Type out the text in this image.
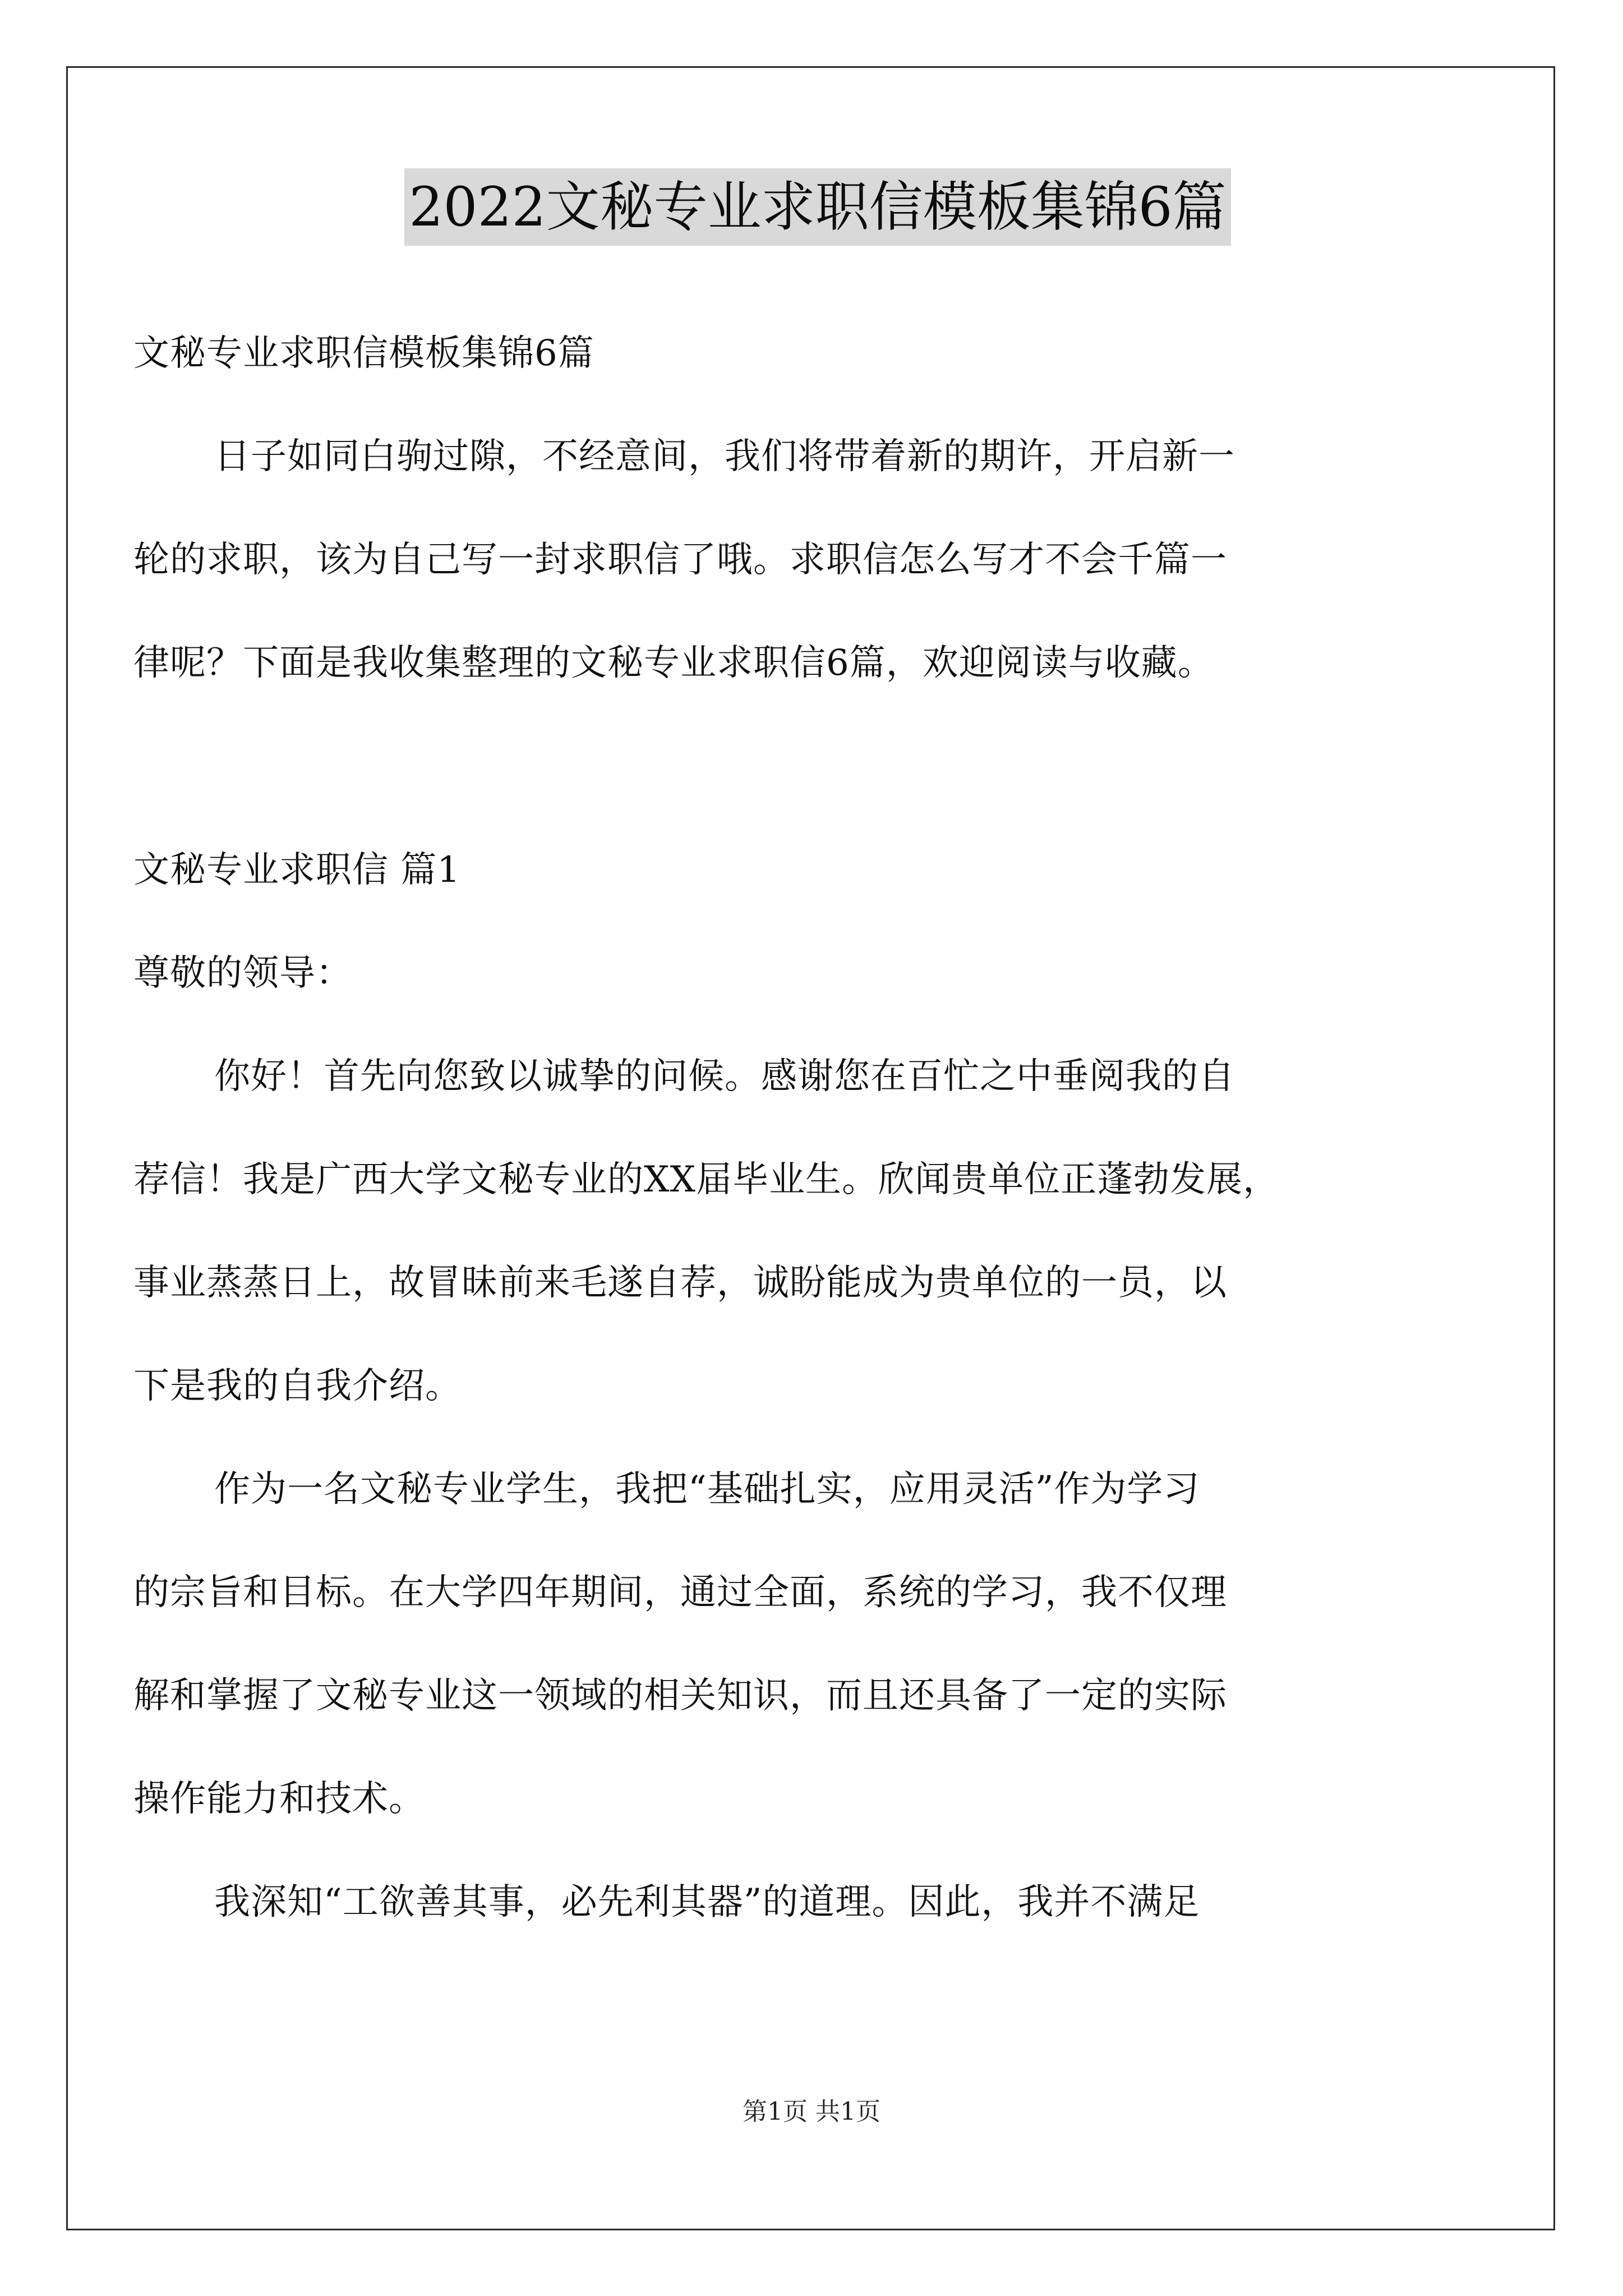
2022文秘专业求职信模板集锦6篇
文秘专业求职信模板集锦6篇
日子如同白驹过隙，不经意间，我们将带着新的期许，开启新一
轮的求职，该为自己写一封求职信了哦。求职信怎么写才不会千篇一
律呢？下面是我收集整理的文秘专业求职信6篇，欢迎阅读与收藏。
文秘专业求职信 篇1
尊敬的领导：
你好！首先向您致以诚挚的问候。感谢您在百忙之中垂阅我的自
荐信！我是广西大学文秘专业的XX届毕业生。欣闻贵单位正蓬勃发展，
事业蒸蒸日上，故冒昧前来毛遂自荐，诚盼能成为贵单位的一员，以
下是我的自我介绍。
作为一名文秘专业学生，我把“基础扎实，应用灵活”作为学习
的宗旨和目标。在大学四年期间，通过全面，系统的学习，我不仅理
解和掌握了文秘专业这一领域的相关知识，而且还具备了一定的实际
操作能力和技术。
我深知“工欲善其事，必先利其器”的道理。因此，我并不满足
第1页 共1页
